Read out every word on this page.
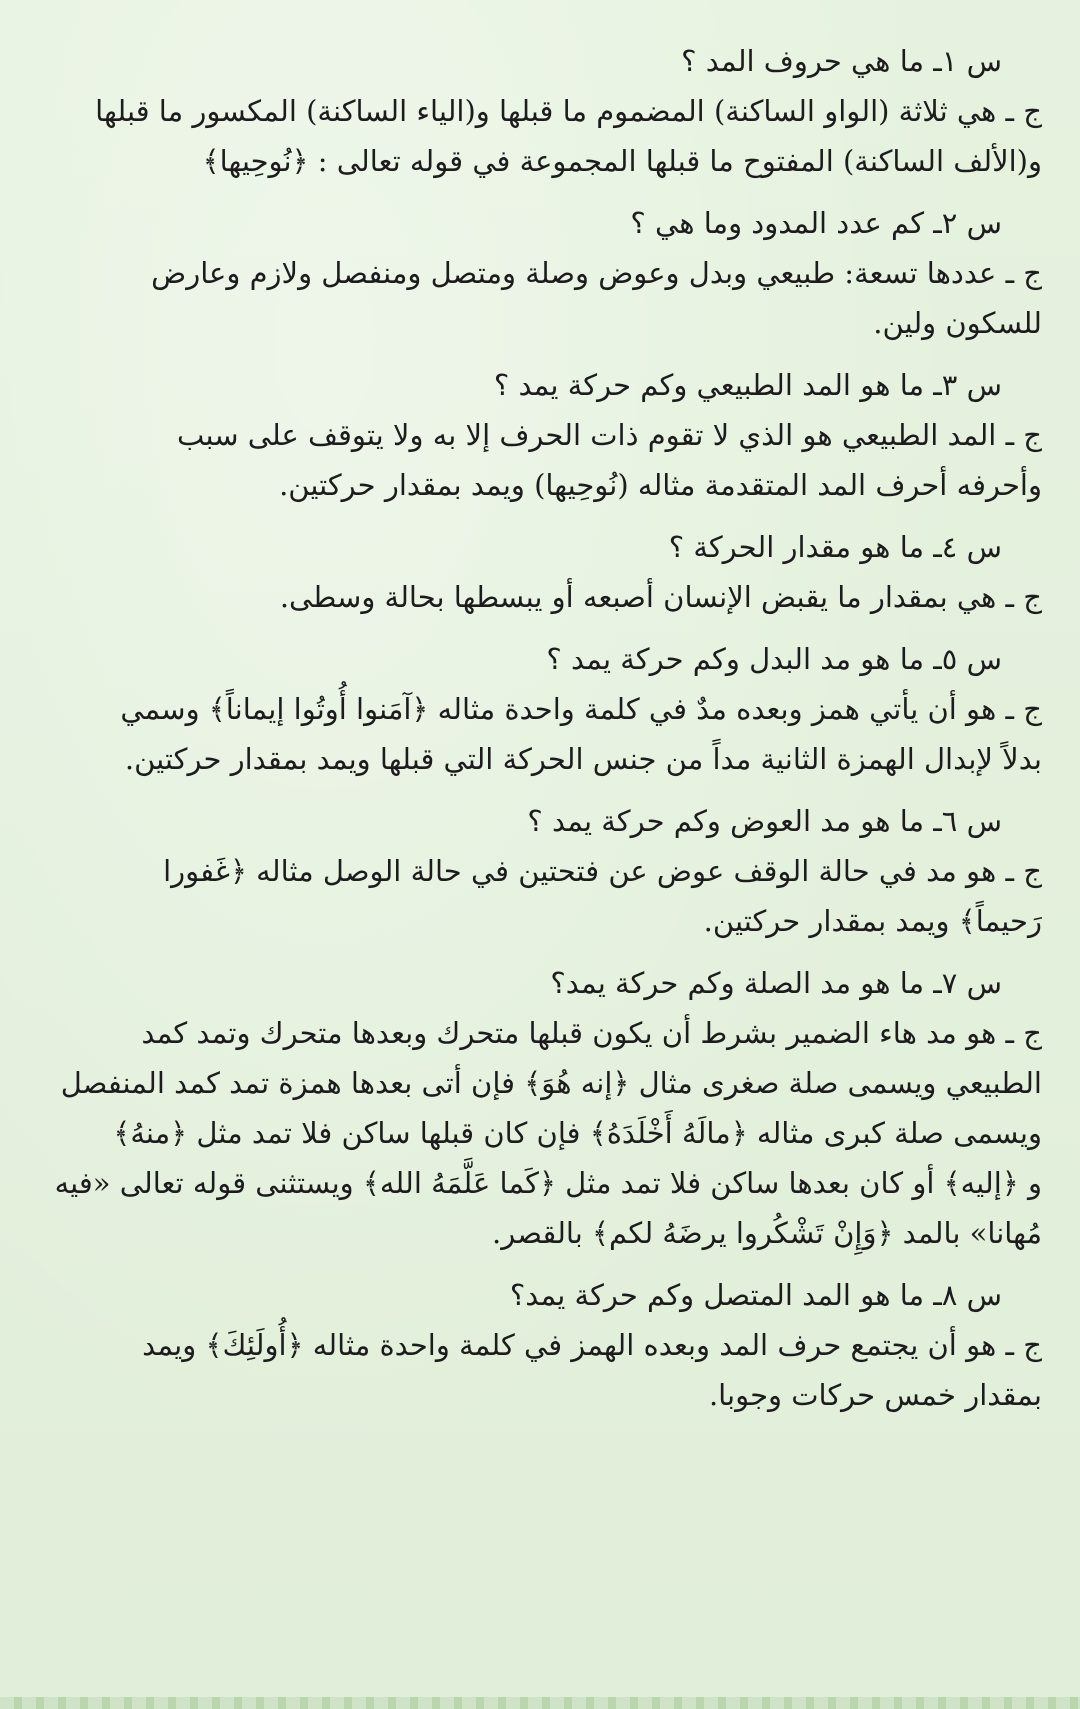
س ١ـ ما هي حروف المد ؟

ج ـ هي ثلاثة (الواو الساكنة) المضموم ما قبلها و(الياء الساكنة) المكسور ما قبلها

و(الألف الساكنة) المفتوح ما قبلها المجموعة في قوله تعالى : ﴿نُوحِيها﴾

س ٢ـ كم عدد المدود وما هي ؟

ج ـ عددها تسعة: طبيعي وبدل وعوض وصلة ومتصل ومنفصل ولازم وعارض

للسكون ولين.

س ٣ـ ما هو المد الطبيعي وكم حركة يمد ؟

ج ـ المد الطبيعي هو الذي لا تقوم ذات الحرف إلا به ولا يتوقف على سبب

وأحرفه أحرف المد المتقدمة مثاله (نُوحِيها) ويمد بمقدار حركتين.

س ٤ـ ما هو مقدار الحركة ؟

ج ـ هي بمقدار ما يقبض الإنسان أصبعه أو يبسطها بحالة وسطى.

س ٥ـ ما هو مد البدل وكم حركة يمد ؟

ج ـ هو أن يأتي همز وبعده مدٌ في كلمة واحدة مثاله ﴿آمَنوا أُوتُوا إيماناً﴾ وسمي

بدلاً لإبدال الهمزة الثانية مداً من جنس الحركة التي قبلها ويمد بمقدار حركتين.

س ٦ـ ما هو مد العوض وكم حركة يمد ؟

ج ـ هو مد في حالة الوقف عوض عن فتحتين في حالة الوصل مثاله ﴿غَفورا

رَحيماً﴾ ويمد بمقدار حركتين.

س ٧ـ ما هو مد الصلة وكم حركة يمد؟

ج ـ هو مد هاء الضمير بشرط أن يكون قبلها متحرك وبعدها متحرك وتمد كمد

الطبيعي ويسمى صلة صغرى مثال ﴿إنه هُوَ﴾ فإن أتى بعدها همزة تمد كمد المنفصل

ويسمى صلة كبرى مثاله ﴿مالَهُ أَخْلَدَهُ﴾ فإن كان قبلها ساكن فلا تمد مثل ﴿منهُ﴾

و ﴿إليه﴾ أو كان بعدها ساكن فلا تمد مثل ﴿كَما عَلَّمَهُ الله﴾ ويستثنى قوله تعالى «فيه

مُهانا» بالمد ﴿وَإِنْ تَشْكُروا يرضَهُ لكم﴾ بالقصر.

س ٨ـ ما هو المد المتصل وكم حركة يمد؟

ج ـ هو أن يجتمع حرف المد وبعده الهمز في كلمة واحدة مثاله ﴿أُولَئِكَ﴾ ويمد

بمقدار خمس حركات وجوبا.
